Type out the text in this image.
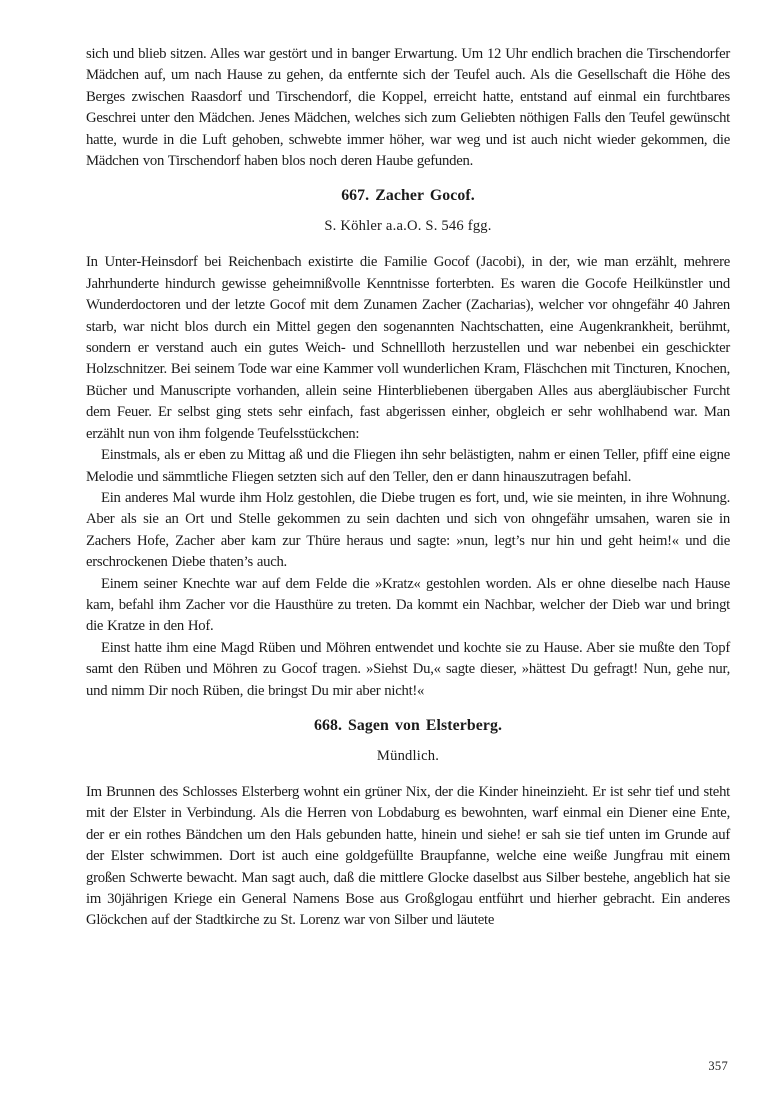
sich und blieb sitzen. Alles war gestört und in banger Erwartung. Um 12 Uhr endlich brachen die Tirschendorfer Mädchen auf, um nach Hause zu gehen, da entfernte sich der Teufel auch. Als die Gesellschaft die Höhe des Berges zwischen Raasdorf und Tirschendorf, die Koppel, erreicht hatte, entstand auf einmal ein furchtbares Geschrei unter den Mädchen. Jenes Mädchen, welches sich zum Geliebten nöthigen Falls den Teufel gewünscht hatte, wurde in die Luft gehoben, schwebte immer höher, war weg und ist auch nicht wieder gekommen, die Mädchen von Tirschendorf haben blos noch deren Haube gefunden.

667. Zacher Gocof.

S. Köhler a.a.O. S. 546 fgg.

In Unter-Heinsdorf bei Reichenbach existirte die Familie Gocof (Jacobi), in der, wie man erzählt, mehrere Jahrhunderte hindurch gewisse geheimnißvolle Kenntnisse forterbten. Es waren die Gocofe Heilkünstler und Wunderdoctoren und der letzte Gocof mit dem Zunamen Zacher (Zacharias), welcher vor ohngefähr 40 Jahren starb, war nicht blos durch ein Mittel gegen den sogenannten Nachtschatten, eine Augenkrankheit, berühmt, sondern er verstand auch ein gutes Weich- und Schnellloth herzustellen und war nebenbei ein geschickter Holzschnitzer. Bei seinem Tode war eine Kammer voll wunderlichen Kram, Fläschchen mit Tincturen, Knochen, Bücher und Manuscripte vorhanden, allein seine Hinterbliebenen übergaben Alles aus abergläubischer Furcht dem Feuer. Er selbst ging stets sehr einfach, fast abgerissen einher, obgleich er sehr wohlhabend war. Man erzählt nun von ihm folgende Teufelsstückchen:

Einstmals, als er eben zu Mittag aß und die Fliegen ihn sehr belästigten, nahm er einen Teller, pfiff eine eigne Melodie und sämmtliche Fliegen setzten sich auf den Teller, den er dann hinauszutragen befahl.

Ein anderes Mal wurde ihm Holz gestohlen, die Diebe trugen es fort, und, wie sie meinten, in ihre Wohnung. Aber als sie an Ort und Stelle gekommen zu sein dachten und sich von ohngefähr umsahen, waren sie in Zachers Hofe, Zacher aber kam zur Thüre heraus und sagte: »nun, legt’s nur hin und geht heim!« und die erschrockenen Diebe thaten’s auch.

Einem seiner Knechte war auf dem Felde die »Kratz« gestohlen worden. Als er ohne dieselbe nach Hause kam, befahl ihm Zacher vor die Hausthüre zu treten. Da kommt ein Nachbar, welcher der Dieb war und bringt die Kratze in den Hof.

Einst hatte ihm eine Magd Rüben und Möhren entwendet und kochte sie zu Hause. Aber sie mußte den Topf samt den Rüben und Möhren zu Gocof tragen. »Siehst Du,« sagte dieser, »hättest Du gefragt! Nun, gehe nur, und nimm Dir noch Rüben, die bringst Du mir aber nicht!«

668. Sagen von Elsterberg.

Mündlich.

Im Brunnen des Schlosses Elsterberg wohnt ein grüner Nix, der die Kinder hineinzieht. Er ist sehr tief und steht mit der Elster in Verbindung. Als die Herren von Lobdaburg es bewohnten, warf einmal ein Diener eine Ente, der er ein rothes Bändchen um den Hals gebunden hatte, hinein und siehe! er sah sie tief unten im Grunde auf der Elster schwimmen. Dort ist auch eine goldgefüllte Braupfanne, welche eine weiße Jungfrau mit einem großen Schwerte bewacht. Man sagt auch, daß die mittlere Glocke daselbst aus Silber bestehe, angeblich hat sie im 30jährigen Kriege ein General Namens Bose aus Großglogau entführt und hierher gebracht. Ein anderes Glöckchen auf der Stadtkirche zu St. Lorenz war von Silber und läutete

357
